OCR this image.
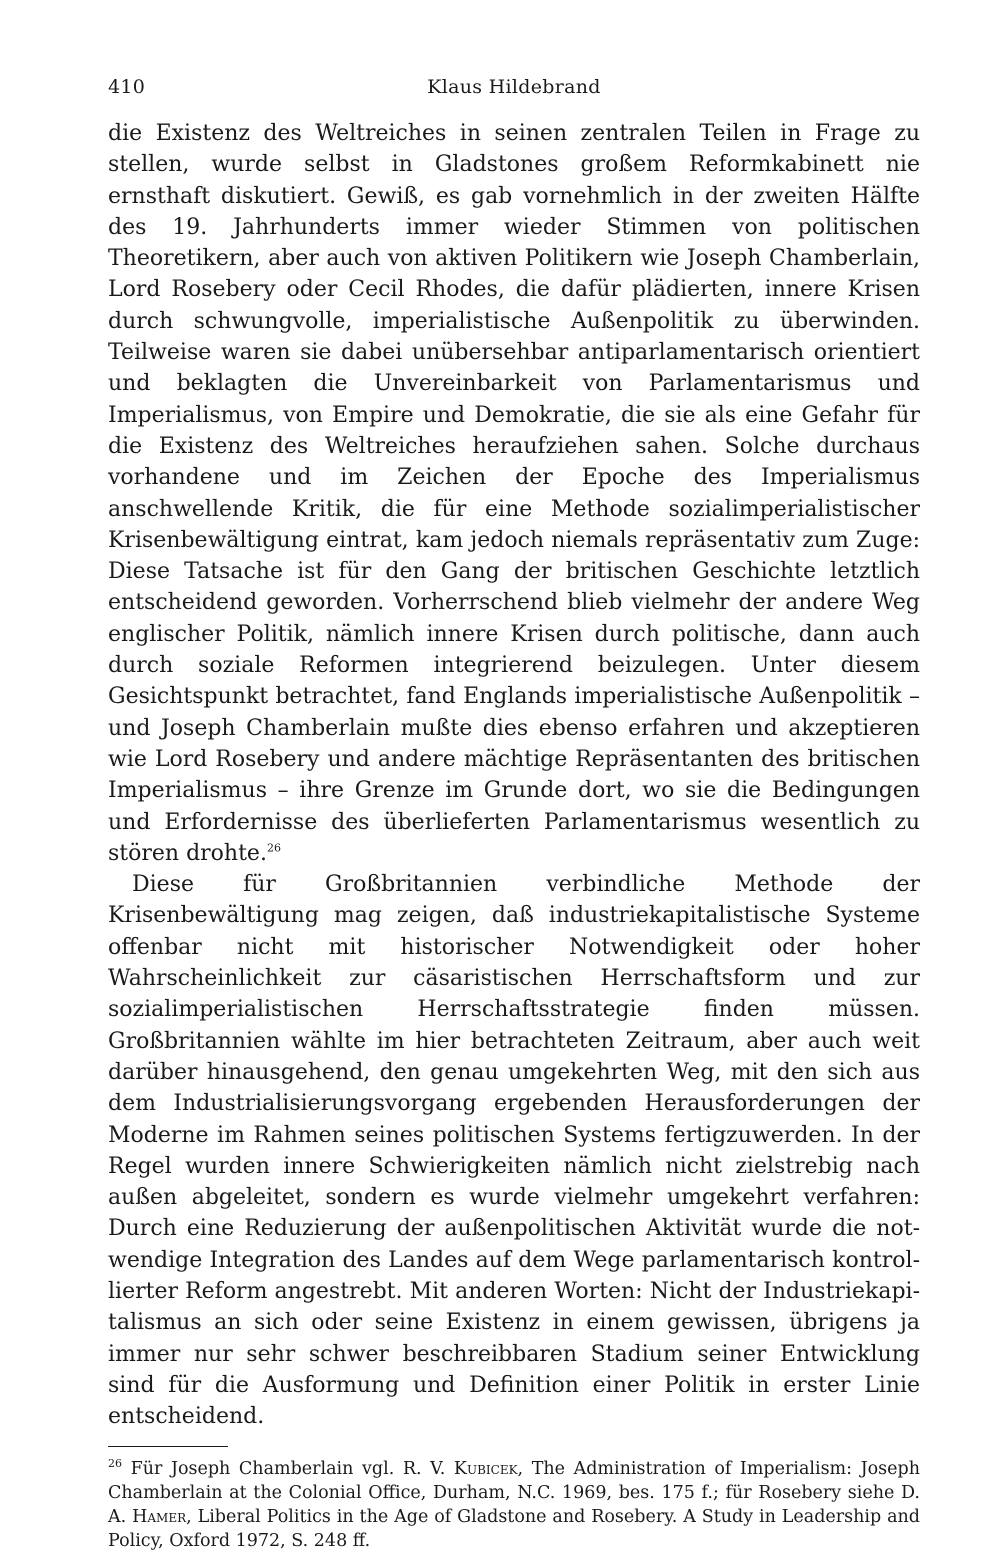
410	Klaus Hildebrand

die Existenz des Weltreiches in seinen zentralen Teilen in Frage zu stellen, wurde selbst in Gladstones großem Reformkabinett nie ernsthaft diskutiert. Gewiß, es gab vornehmlich in der zweiten Hälfte des 19. Jahrhunderts immer wieder Stimmen von politischen Theoretikern, aber auch von aktiven Politikern wie Joseph Chamberlain, Lord Rosebery oder Cecil Rhodes, die dafür plädierten, innere Krisen durch schwungvolle, imperialistische Außenpolitik zu überwinden. Teilweise waren sie dabei unübersehbar antiparlamentarisch orientiert und beklagten die Unvereinbarkeit von Parlamentarismus und Imperialismus, von Empire und Demokratie, die sie als eine Gefahr für die Existenz des Weltreiches heraufziehen sahen. Solche durchaus vorhandene und im Zeichen der Epoche des Imperialismus anschwellende Kritik, die für eine Methode sozialimperialistischer Krisenbewältigung eintrat, kam jedoch niemals repräsentativ zum Zuge: Diese Tatsache ist für den Gang der britischen Geschichte letztlich entscheidend geworden. Vorherrschend blieb vielmehr der andere Weg englischer Politik, nämlich innere Krisen durch politische, dann auch durch soziale Reformen integrierend beizulegen. Unter diesem Gesichtspunkt betrachtet, fand Englands imperialistische Außenpolitik – und Joseph Chamberlain mußte dies ebenso erfahren und akzeptieren wie Lord Rosebery und andere mächtige Repräsentanten des britischen Imperialismus – ihre Grenze im Grunde dort, wo sie die Bedingungen und Erfordernisse des überlieferten Parlamentarismus wesentlich zu stören drohte.$^{26}$

Diese für Großbritannien verbindliche Methode der Krisenbewältigung mag zeigen, daß industriekapitalistische Systeme offenbar nicht mit historischer Notwendigkeit oder hoher Wahrscheinlichkeit zur cäsaristischen Herrschaftsform und zur sozialimperialistischen Herrschaftsstrategie finden müssen. Großbritannien wählte im hier betrachteten Zeitraum, aber auch weit darüber hinausgehend, den genau umgekehrten Weg, mit den sich aus dem Industrialisierungsvorgang ergebenden Herausforderungen der Moderne im Rahmen seines politischen Systems fertigzuwerden. In der Regel wurden innere Schwierigkeiten nämlich nicht zielstrebig nach außen abgeleitet, sondern es wurde vielmehr umgekehrt verfahren: Durch eine Reduzierung der außenpolitischen Aktivität wurde die notwendige Integration des Landes auf dem Wege parlamentarisch kontrollierter Reform angestrebt. Mit anderen Worten: Nicht der Industriekapitalismus an sich oder seine Existenz in einem gewissen, übrigens ja immer nur sehr schwer beschreibbaren Stadium seiner Entwicklung sind für die Ausformung und Definition einer Politik in erster Linie entscheidend.

$^{26}$ Für Joseph Chamberlain vgl. R. V. Kubicek, The Administration of Imperialism: Joseph Chamberlain at the Colonial Office, Durham, N.C. 1969, bes. 175 f.; für Rosebery siehe D. A. Hamer, Liberal Politics in the Age of Gladstone and Rosebery. A Study in Leadership and Policy, Oxford 1972, S. 248 ff.
